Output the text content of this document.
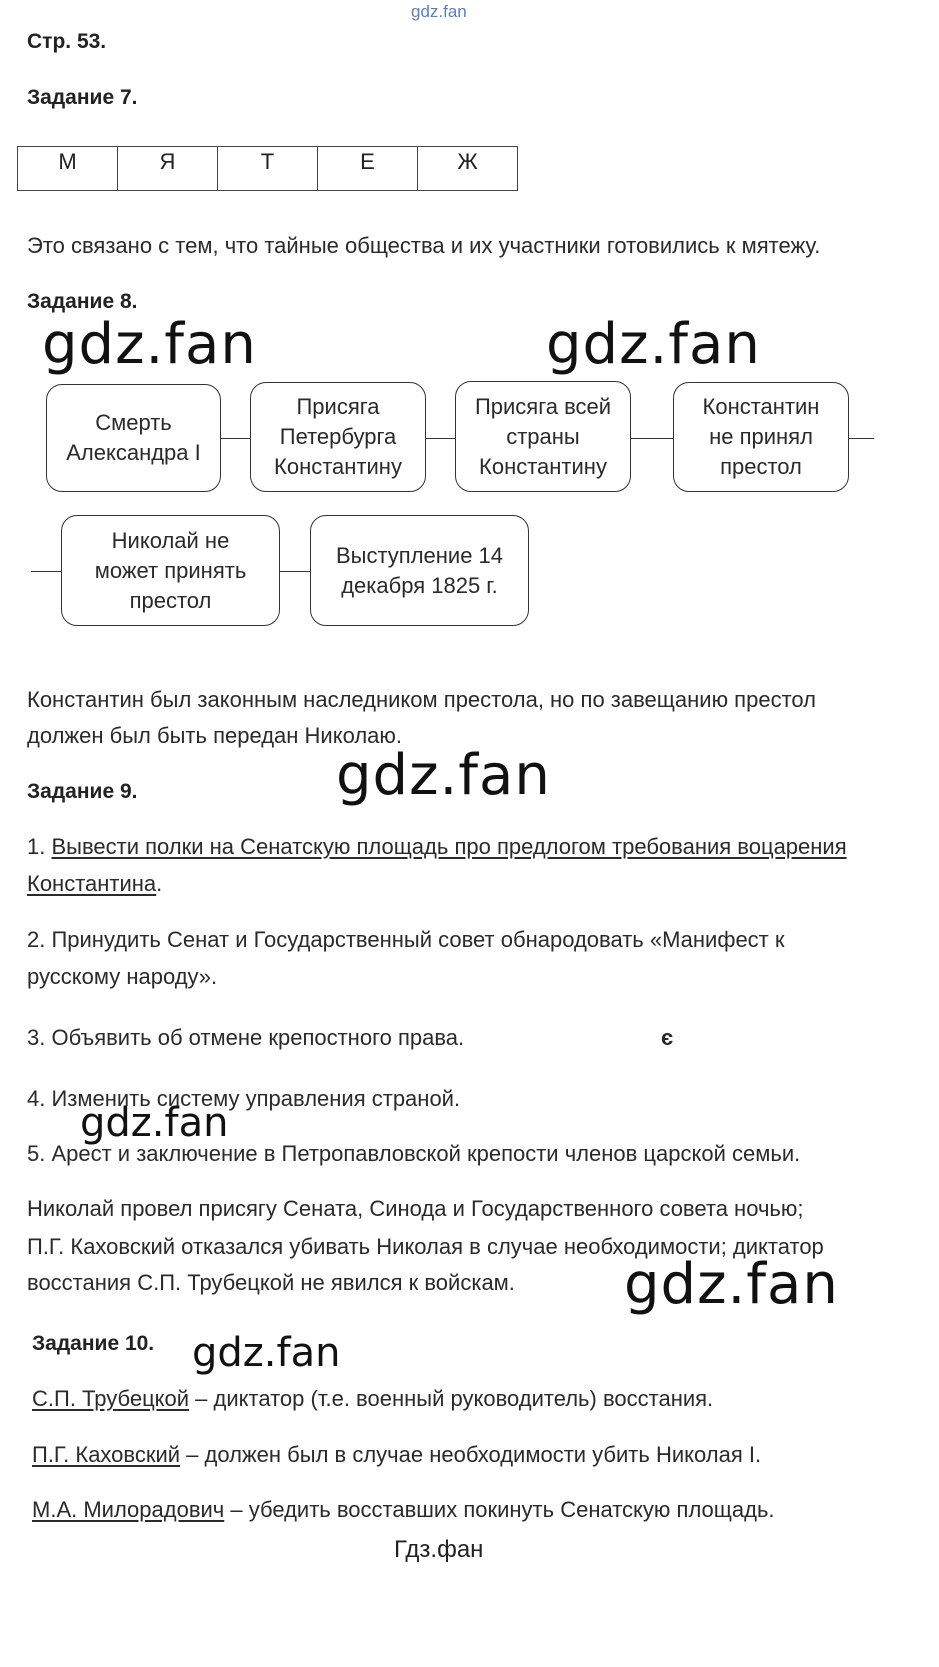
gdz.fan
Стр. 53.
Задание 7.
М	Я	Т	Е	Ж
Это связано с тем, что тайные общества и их участники готовились к мятежу.
Задание 8.
gdz.fan	gdz.fan
Смерть
Александра I
Присяга
Петербурга
Константину
Присяга всей
страны
Константину
Константин
не принял
престол
Николай не
может принять
престол
Выступление 14
декабря 1825 г.
Константин был законным наследником престола, но по завещанию престол
должен был быть передан Николаю.
gdz.fan
Задание 9.
1. Вывести полки на Сенатскую площадь про предлогом требования воцарения
Константина.
2. Принудить Сенат и Государственный совет обнародовать «Манифест к
русскому народу».
3. Объявить об отмене крепостного права.	є
4. Изменить систему управления страной.
gdz.fan
5. Арест и заключение в Петропавловской крепости членов царской семьи.
Николай провел присягу Сената, Синода и Государственного совета ночью;
П.Г. Каховский отказался убивать Николая в случае необходимости; диктатор
восстания С.П. Трубецкой не явился к войскам. gdz.fan
Задание 10. gdz.fan
С.П. Трубецкой – диктатор (т.е. военный руководитель) восстания.
П.Г. Каховский – должен был в случае необходимости убить Николая I.
М.А. Милорадович – убедить восставших покинуть Сенатскую площадь.
Гдз.фан
